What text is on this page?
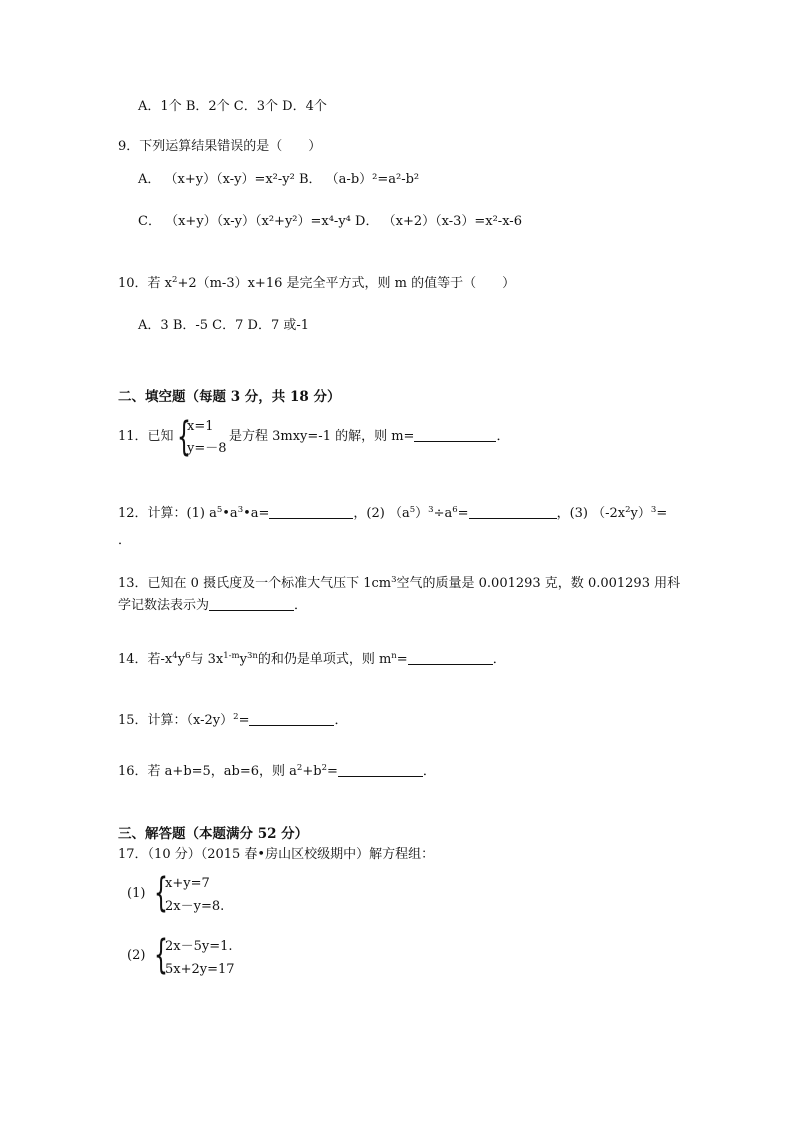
A．1个 B．2个 C．3个 D．4个
9．下列运算结果错误的是（　　）
A． （x+y）（x-y）=x²-y² B． （a-b）²=a²-b²
C． （x+y）（x-y）（x²+y²）=x⁴-y⁴ D． （x+2）（x-3）=x²-x-6
10．若 $x^2+2(m-3)x+16$ 是完全平方式，则 m 的值等于（　　）
A．3 B．-5 C．7 D．7 或-1
二、填空题（每题 3 分，共 18 分）
11．已知 {
x=1
y=－8
是方程 3mxy=-1 的解，则 m=	．
12．计算：(1) $a^5•a^3•a=$	，(2) $(a^5)^3\div a^6=$	，(3) $(-2x^2y)^3=$
．
13．已知在 0 摄氏度及一个标准大气压下 $1cm^3$空气的质量是 0.001293 克，数 0.001293 用科
学记数法表示为	．
14．若$-x^4y^6$与 $3x^{1-m}y^{3n}$的和仍是单项式，则 $m^n=$	．
15．计算：$(x-2y)^2=$	．
16．若 a+b=5，ab=6，则 $a^2+b^2=$	．
三、解答题（本题满分 52 分）
17．（10 分）（2015 春•房山区校级期中）解方程组：
(1) {
x+y=7
2x－y=8.
(2) {
2x－5y=1.
5x+2y=17
